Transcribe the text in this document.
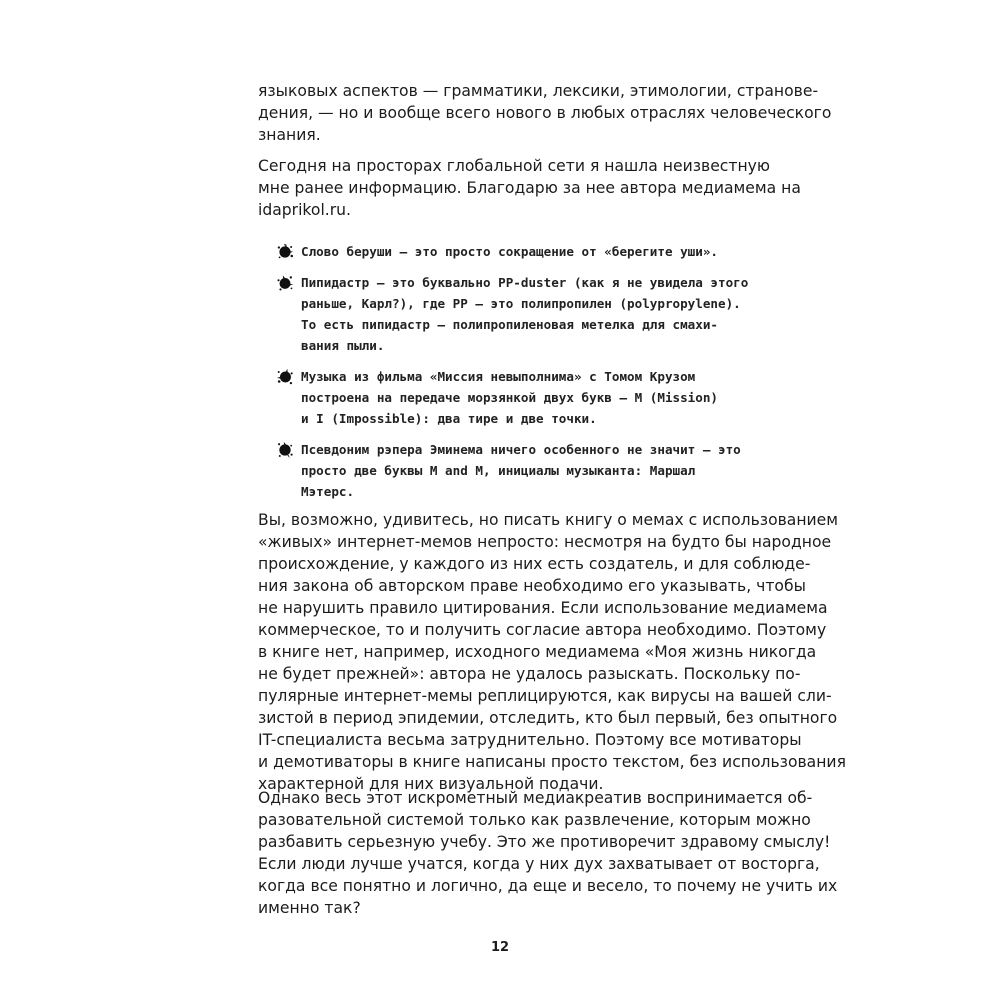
языковых аспектов — грамматики, лексики, этимологии, странове-
дения, — но и вообще всего нового в любых отраслях человеческого
знания.

Сегодня на просторах глобальной сети я нашла неизвестную
мне ранее информацию. Благодарю за нее автора медиамема на
idaprikol.ru.

Слово беруши – это просто сокращение от «берегите уши».
Пипидастр – это буквально PP-duster (как я не увидела этого
раньше, Карл?), где PP – это полипропилен (polypropylene).
То есть пипидастр – полипропиленовая метелка для смахи-
вания пыли.
Музыка из фильма «Миссия невыполнима» с Томом Крузом
построена на передаче морзянкой двух букв – M (Mission)
и I (Impossible): два тире и две точки.
Псевдоним рэпера Эминема ничего особенного не значит – это
просто две буквы M and M, инициалы музыканта: Маршал
Мэтерс.

Вы, возможно, удивитесь, но писать книгу о мемах с использованием
«живых» интернет-мемов непросто: несмотря на будто бы народное
происхождение, у каждого из них есть создатель, и для соблюде-
ния закона об авторском праве необходимо его указывать, чтобы
не нарушить правило цитирования. Если использование медиамема
коммерческое, то и получить согласие автора необходимо. Поэтому
в книге нет, например, исходного медиамема «Моя жизнь никогда
не будет прежней»: автора не удалось разыскать. Поскольку по-
пулярные интернет-мемы реплицируются, как вирусы на вашей сли-
зистой в период эпидемии, отследить, кто был первый, без опытного
IT-специалиста весьма затруднительно. Поэтому все мотиваторы
и демотиваторы в книге написаны просто текстом, без использования
характерной для них визуальной подачи.

Однако весь этот искрометный медиакреатив воспринимается об-
разовательной системой только как развлечение, которым можно
разбавить серьезную учебу. Это же противоречит здравому смыслу!
Если люди лучше учатся, когда у них дух захватывает от восторга,
когда все понятно и логично, да еще и весело, то почему не учить их
именно так?

12
